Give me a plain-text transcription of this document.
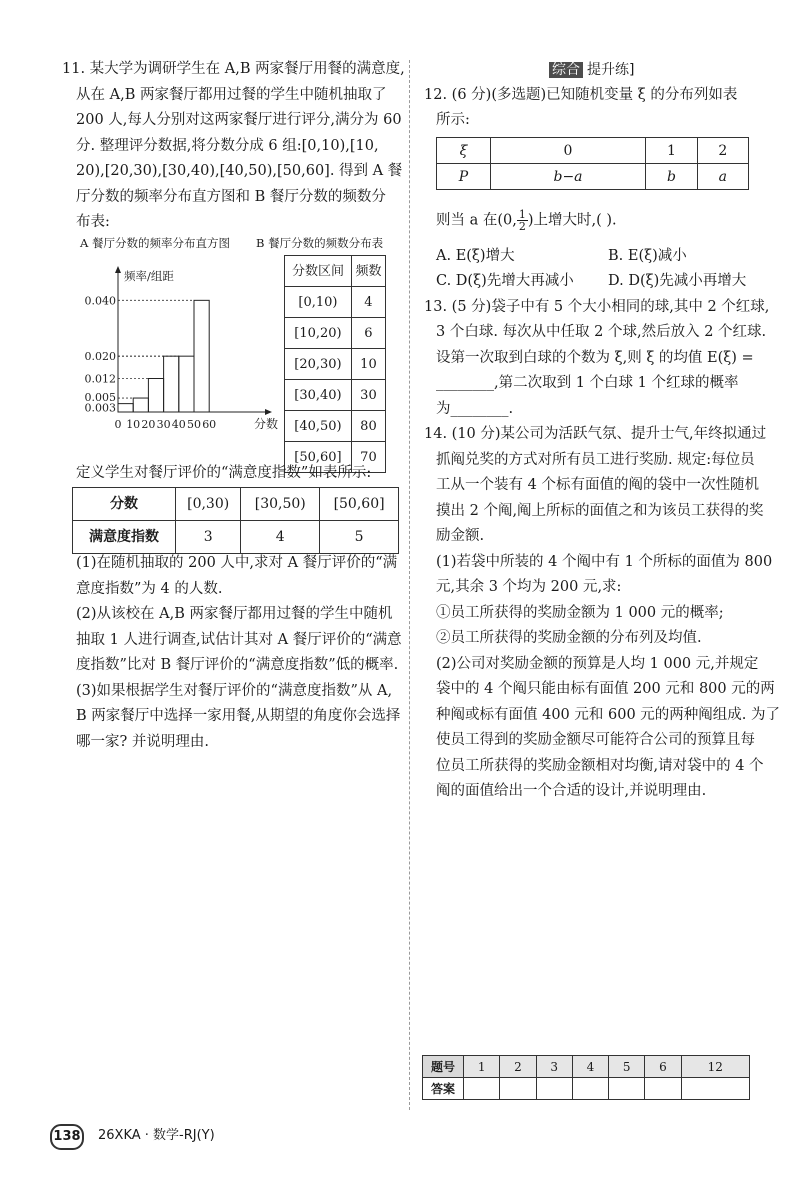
11. 某大学为调研学生在 A,B 两家餐厅用餐的满意度,
从在 A,B 两家餐厅都用过餐的学生中随机抽取了
200 人,每人分别对这两家餐厅进行评分,满分为 60
分. 整理评分数据,将分数分成 6 组:[0,10),[10,
20),[20,30),[30,40),[40,50),[50,60]. 得到 A 餐
厅分数的频率分布直方图和 B 餐厅分数的频数分
布表:
A 餐厅分数的频率分布直方图 B 餐厅分数的频数分布表
0.003
0.005
0.012
0.020
0.040
0 10 20 30 40 50 60
频率/组距
分数
分数区间	频数
[0,10)	4
[10,20)	6
[20,30)	10
[30,40)	30
[40,50)	80
[50,60]	70
定义学生对餐厅评价的“满意度指数”如表所示:
分数	[0,30)	[30,50)	[50,60]
满意度指数	3	4	5
(1)在随机抽取的 200 人中,求对 A 餐厅评价的“满
意度指数”为 4 的人数.
(2)从该校在 A,B 两家餐厅都用过餐的学生中随机
抽取 1 人进行调查,试估计其对 A 餐厅评价的“满意
度指数”比对 B 餐厅评价的“满意度指数”低的概率.
(3)如果根据学生对餐厅评价的“满意度指数”从 A,
B 两家餐厅中选择一家用餐,从期望的角度你会选择
哪一家? 并说明理由.
综合 提升练]
12. (6 分)(多选题)已知随机变量 ξ 的分布列如表
所示:
ξ	0	1	2
P	b−a	b	a
则当 a 在(0, $\frac{1}{2}$ )上增大时,( ).
A. E(ξ)增大	B. E(ξ)减小
C. D(ξ)先增大再减小 D. D(ξ)先减小再增大
13. (5 分)袋子中有 5 个大小相同的球,其中 2 个红球,
3 个白球. 每次从中任取 2 个球,然后放入 2 个红球.
设第一次取到白球的个数为 ξ,则 ξ 的均值 E(ξ) =
________,第二次取到 1 个白球 1 个红球的概率
为________.
14. (10 分)某公司为活跃气氛、提升士气,年终拟通过
抓阄兑奖的方式对所有员工进行奖励. 规定:每位员
工从一个装有 4 个标有面值的阄的袋中一次性随机
摸出 2 个阄,阄上所标的面值之和为该员工获得的奖
励金额.
(1)若袋中所装的 4 个阄中有 1 个所标的面值为 800
元,其余 3 个均为 200 元,求:
①员工所获得的奖励金额为 1 000 元的概率;
②员工所获得的奖励金额的分布列及均值.
(2)公司对奖励金额的预算是人均 1 000 元,并规定
袋中的 4 个阄只能由标有面值 200 元和 800 元的两
种阄或标有面值 400 元和 600 元的两种阄组成. 为了
使员工得到的奖励金额尽可能符合公司的预算且每
位员工所获得的奖励金额相对均衡,请对袋中的 4 个
阄的面值给出一个合适的设计,并说明理由.
题号	1	2	3	4	5	6	12
答案							
138 26XKA · 数学-RJ(Y)
